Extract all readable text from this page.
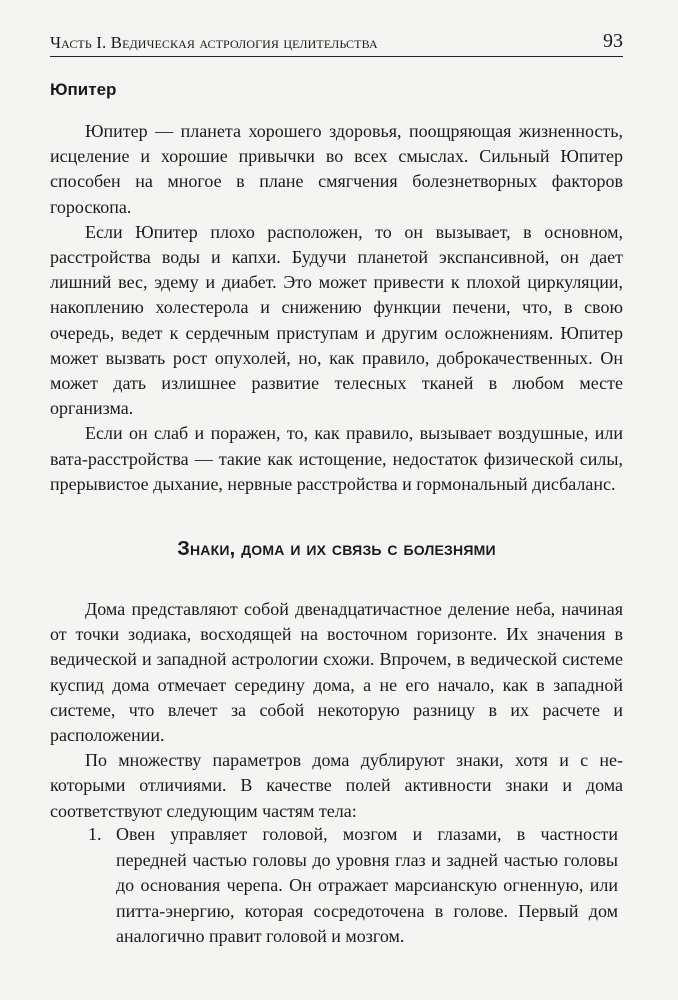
Часть I. Ведическая астрология целительства	93
Юпитер

Юпитер — планета хорошего здоровья, поощряющая жизненность, исцеление и хорошие привычки во всех смыслах. Сильный Юпитер способен на многое в плане смягчения болезнетворных факторов гороскопа.

Если Юпитер плохо расположен, то он вызывает, в основном, расстройства воды и капхи. Будучи планетой экспансивной, он дает лишний вес, эдему и диабет. Это может привести к плохой циркуляции, накоплению холестерола и снижению функции печени, что, в свою очередь, ведет к сердечным приступам и другим осложнениям. Юпитер может вызвать рост опухолей, но, как правило, доброкачественных. Он может дать излишнее развитие телесных тканей в любом месте организма.

Если он слаб и поражен, то, как правило, вызывает воздушные, или вата-расстройства — такие как истощение, недостаток физической силы, прерывистое дыхание, нервные расстройства и гормональный дисбаланс.

Знаки, дома и их связь с болезнями

Дома представляют собой двенадцатичастное деление неба, начиная от точки зодиака, восходящей на восточном горизонте. Их значения в ведической и западной астрологии схожи. Впрочем, в ведической системе куспид дома отмечает середину дома, а не его начало, как в западной системе, что влечет за собой некоторую разницу в их расчете и расположении.

По множеству параметров дома дублируют знаки, хотя и с некоторыми отличиями. В качестве полей активности знаки и дома соответствуют следующим частям тела:

1. Овен управляет головой, мозгом и глазами, в частности передней частью головы до уровня глаз и задней частью головы до основания черепа. Он отражает марсианскую огненную, или питта-энергию, которая сосредоточена в голове. Первый дом аналогично правит головой и мозгом.
